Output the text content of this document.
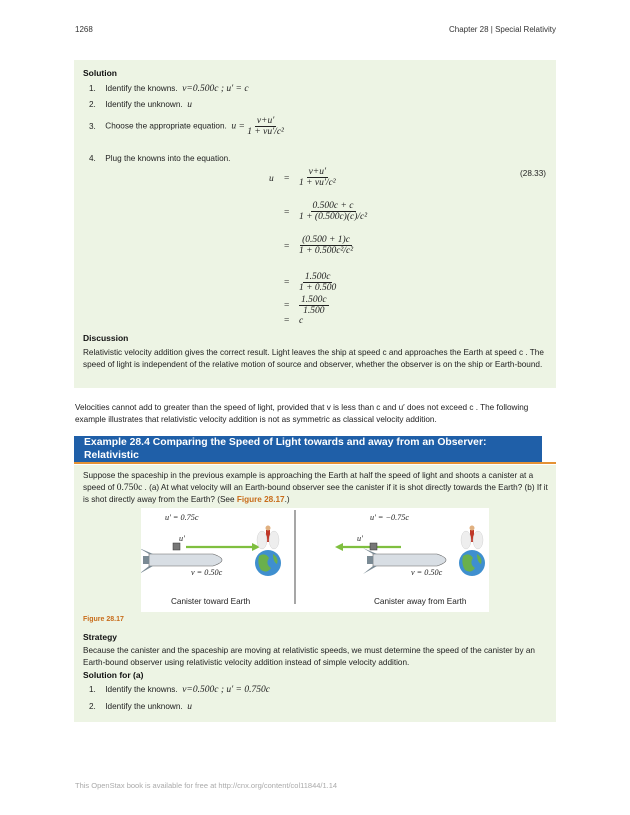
1268	Chapter 28 | Special Relativity
Solution
1. Identify the knowns. v=0.500c ; u′ = c
2. Identify the unknown. u
3. Choose the appropriate equation. $u = \frac{v+u'}{\text{1 + vu′/c²}}$
4. Plug the knowns into the equation.
(28.33)
$u = \frac{v+u'}{\text{1 + vu′/c²}}$
= $\frac{0.500c + c}{\text{1 + (0.500c)(c)/c²}}$
= $\frac{(0.500 + 1)c}{\text{1 + 0.500c²/c²}}$
= $\frac{1.500c}{1 + 0.500}$
= $\frac{1.500c}{1.500}$
= c
Discussion
Relativistic velocity addition gives the correct result. Light leaves the ship at speed c and approaches the Earth at speed c . The speed of light is independent of the relative motion of source and observer, whether the observer is on the ship or Earth-bound.
Velocities cannot add to greater than the speed of light, provided that v is less than c and u′ does not exceed c . The following example illustrates that relativistic velocity addition is not as symmetric as classical velocity addition.
Example 28.4 Comparing the Speed of Light towards and away from an Observer: Relativistic
Suppose the spaceship in the previous example is approaching the Earth at half the speed of light and shoots a canister at a speed of 0.750c . (a) At what velocity will an Earth-bound observer see the canister if it is shot directly towards the Earth? (b) If it is shot directly away from the Earth? (See Figure 28.17.)
Figure 28.17
Strategy
Because the canister and the spaceship are moving at relativistic speeds, we must determine the speed of the canister by an Earth-bound observer using relativistic velocity addition instead of simple velocity addition.
Solution for (a)
1. Identify the knowns. v=0.500c ; u′ = 0.750c
2. Identify the unknown. u
u′ = 0.75c
u′
v = 0.50c
Canister toward Earth
u′ = −0.75c
u′
v = 0.50c
Canister away from Earth
This OpenStax book is available for free at http://cnx.org/content/col11844/1.14
